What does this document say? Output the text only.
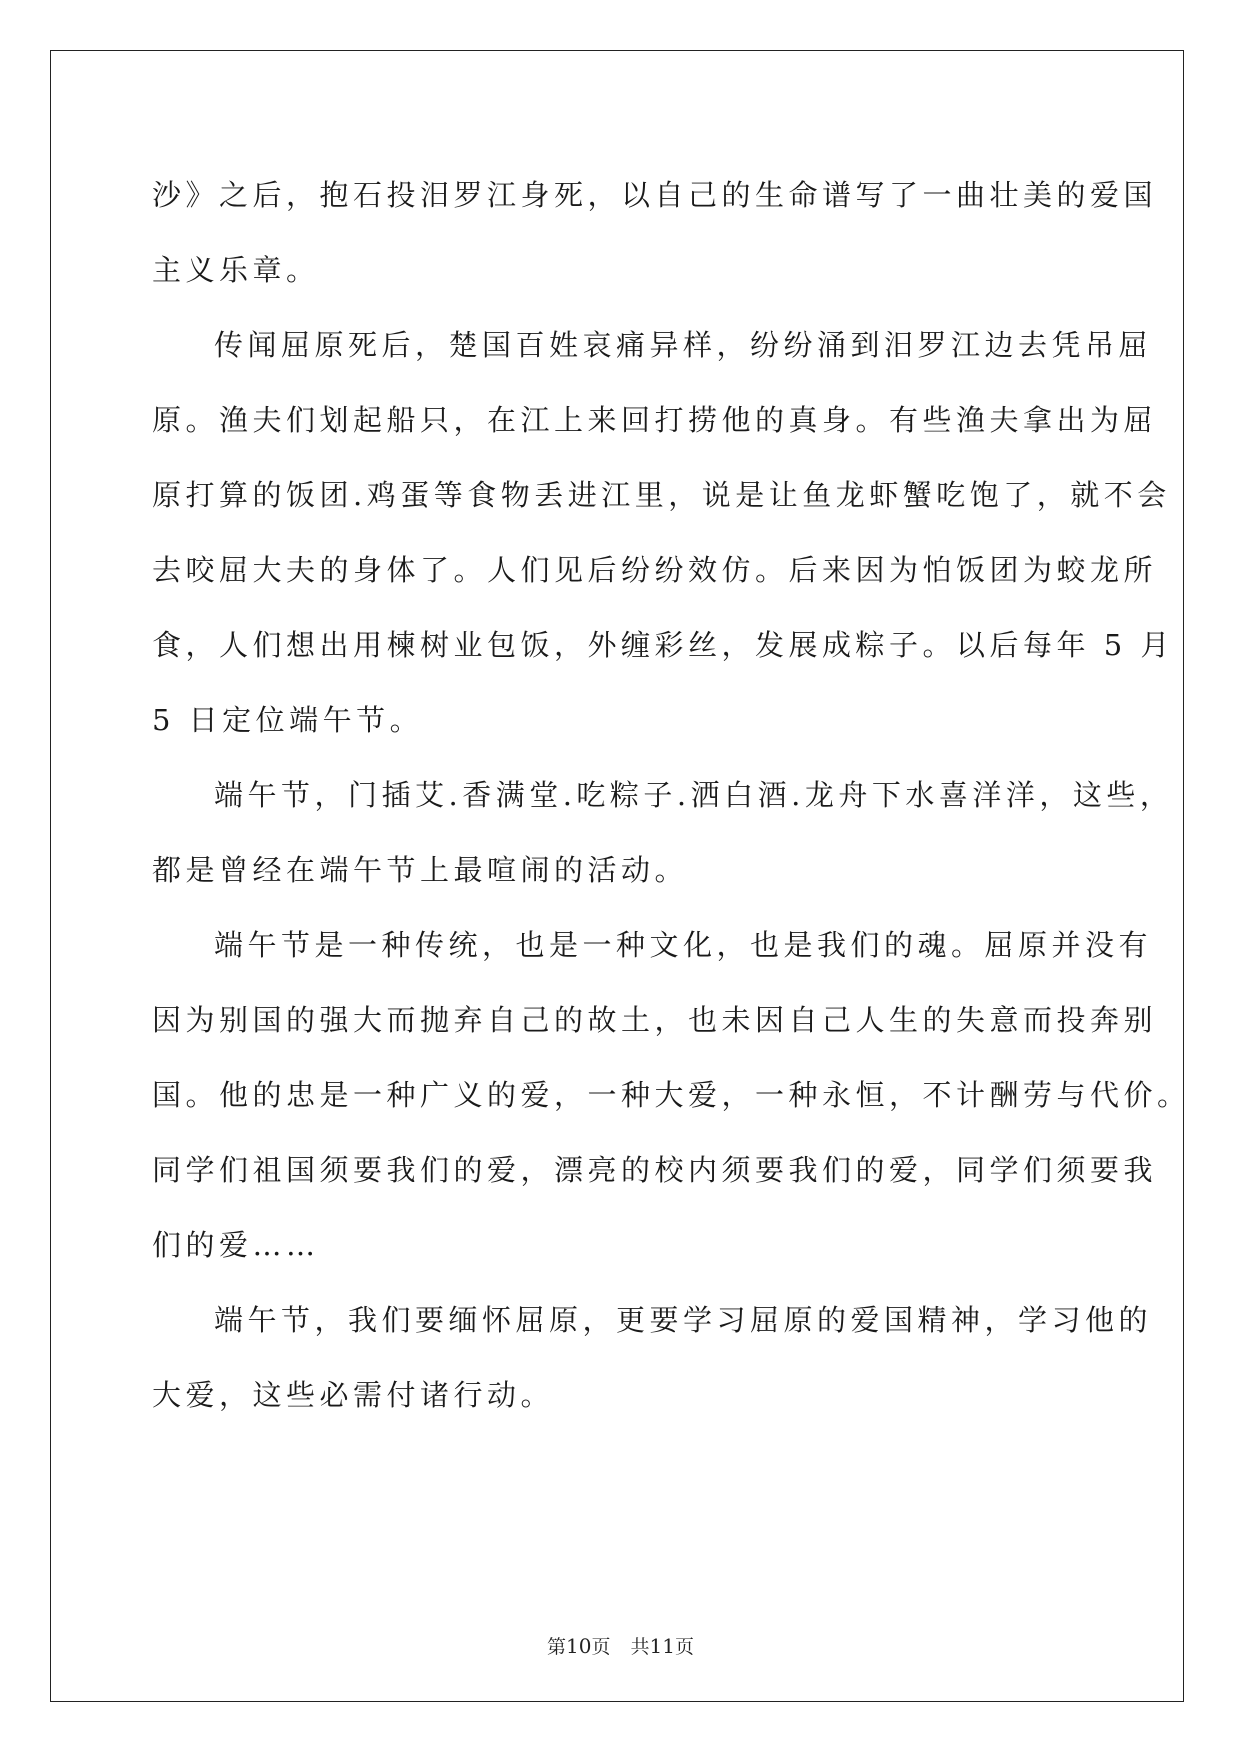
沙》之后，抱石投汨罗江身死，以自己的生命谱写了一曲壮美的爱国
主义乐章。
传闻屈原死后，楚国百姓哀痛异样，纷纷涌到汨罗江边去凭吊屈
原。渔夫们划起船只，在江上来回打捞他的真身。有些渔夫拿出为屈
原打算的饭团.鸡蛋等食物丢进江里，说是让鱼龙虾蟹吃饱了，就不会
去咬屈大夫的身体了。人们见后纷纷效仿。后来因为怕饭团为蛟龙所
食，人们想出用楝树业包饭，外缠彩丝，发展成粽子。以后每年 5 月
5 日定位端午节。
端午节，门插艾.香满堂.吃粽子.洒白酒.龙舟下水喜洋洋，这些，
都是曾经在端午节上最喧闹的活动。
端午节是一种传统，也是一种文化，也是我们的魂。屈原并没有
因为别国的强大而抛弃自己的故土，也未因自己人生的失意而投奔别
国。他的忠是一种广义的爱，一种大爱，一种永恒，不计酬劳与代价。
同学们祖国须要我们的爱，漂亮的校内须要我们的爱，同学们须要我
们的爱……
端午节，我们要缅怀屈原，更要学习屈原的爱国精神，学习他的
大爱，这些必需付诸行动。
第10页 共11页
